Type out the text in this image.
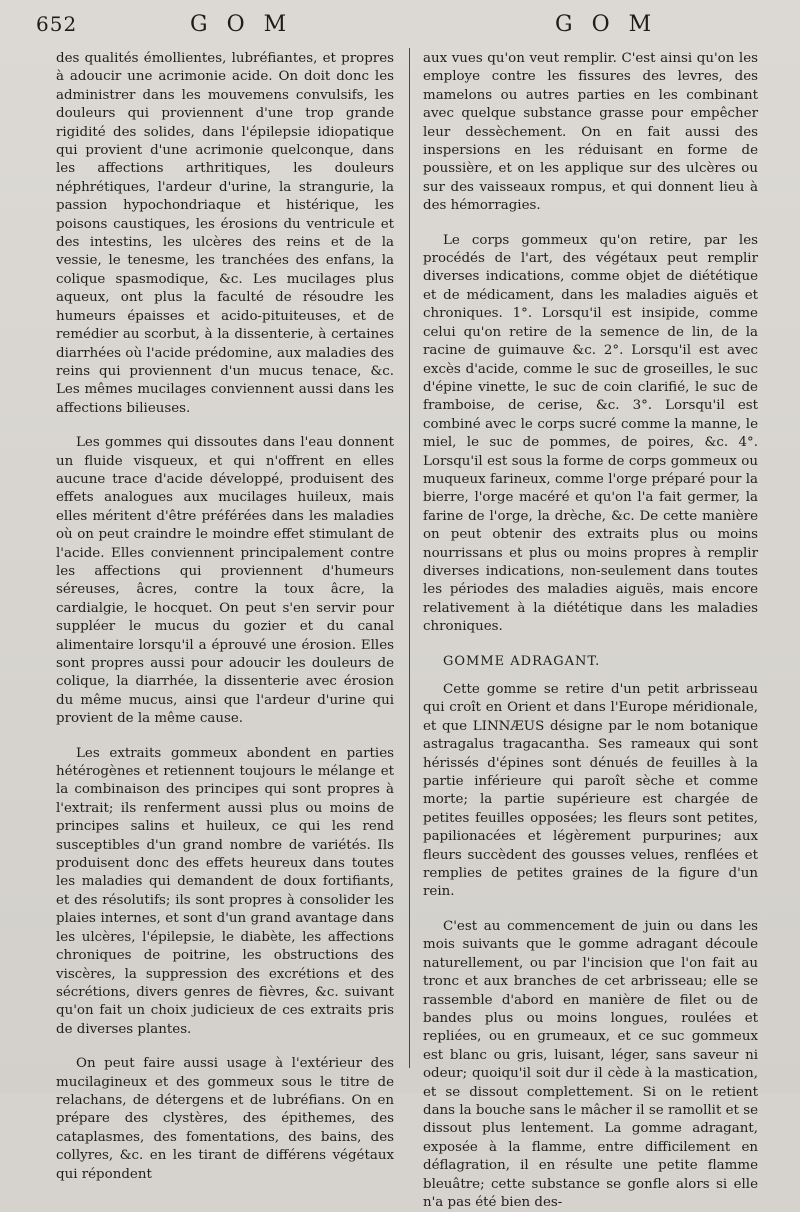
652	G O M	G O M

des qualités émollientes, lubréfiantes, et propres à adoucir une acrimonie acide. On doit donc les administrer dans les mouvemens convulsifs, les douleurs qui proviennent d'une trop grande rigidité des solides, dans l'épilepsie idiopatique qui provient d'une acrimonie quelconque, dans les affections arthritiques, les douleurs néphrétiques, l'ardeur d'urine, la strangurie, la passion hypochondriaque et histérique, les poisons caustiques, les érosions du ventricule et des intestins, les ulcères des reins et de la vessie, le tenesme, les tranchées des enfans, la colique spasmodique, &c. Les mucilages plus aqueux, ont plus la faculté de résoudre les humeurs épaisses et acido-pituiteuses, et de remédier au scorbut, à la dissenterie, à certaines diarrhées où l'acide prédomine, aux maladies des reins qui proviennent d'un mucus tenace, &c. Les mêmes mucilages conviennent aussi dans les affections bilieuses.

Les gommes qui dissoutes dans l'eau donnent un fluide visqueux, et qui n'offrent en elles aucune trace d'acide développé, produisent des effets analogues aux mucilages huileux, mais elles méritent d'être préférées dans les maladies où on peut craindre le moindre effet stimulant de l'acide. Elles conviennent principalement contre les affections qui proviennent d'humeurs séreuses, âcres, contre la toux âcre, la cardialgie, le hocquet. On peut s'en servir pour suppléer le mucus du gozier et du canal alimentaire lorsqu'il a éprouvé une érosion. Elles sont propres aussi pour adoucir les douleurs de colique, la diarrhée, la dissenterie avec érosion du même mucus, ainsi que l'ardeur d'urine qui provient de la même cause.

Les extraits gommeux abondent en parties hétérogènes et retiennent toujours le mélange et la combinaison des principes qui sont propres à l'extrait; ils renferment aussi plus ou moins de principes salins et huileux, ce qui les rend susceptibles d'un grand nombre de variétés. Ils produisent donc des effets heureux dans toutes les maladies qui demandent de doux fortifiants, et des résolutifs; ils sont propres à consolider les plaies internes, et sont d'un grand avantage dans les ulcères, l'épilepsie, le diabète, les affections chroniques de poitrine, les obstructions des viscères, la suppression des excrétions et des sécrétions, divers genres de fièvres, &c. suivant qu'on fait un choix judicieux de ces extraits pris de diverses plantes.

On peut faire aussi usage à l'extérieur des mucilagineux et des gommeux sous le titre de relachans, de détergens et de lubréfians. On en prépare des clystères, des épithemes, des cataplasmes, des fomentations, des bains, des collyres, &c. en les tirant de différens végétaux qui répondent

aux vues qu'on veut remplir. C'est ainsi qu'on les employe contre les fissures des levres, des mamelons ou autres parties en les combinant avec quelque substance grasse pour empêcher leur dessèchement. On en fait aussi des inspersions en les réduisant en forme de poussière, et on les applique sur des ulcères ou sur des vaisseaux rompus, et qui donnent lieu à des hémorragies.

Le corps gommeux qu'on retire, par les procédés de l'art, des végétaux peut remplir diverses indications, comme objet de diététique et de médicament, dans les maladies aiguës et chroniques. 1°. Lorsqu'il est insipide, comme celui qu'on retire de la semence de lin, de la racine de guimauve &c. 2°. Lorsqu'il est avec excès d'acide, comme le suc de groseilles, le suc d'épine vinette, le suc de coin clarifié, le suc de framboise, de cerise, &c. 3°. Lorsqu'il est combiné avec le corps sucré comme la manne, le miel, le suc de pommes, de poires, &c. 4°. Lorsqu'il est sous la forme de corps gommeux ou muqueux farineux, comme l'orge préparé pour la bierre, l'orge macéré et qu'on l'a fait germer, la farine de l'orge, la drèche, &c. De cette manière on peut obtenir des extraits plus ou moins nourrissans et plus ou moins propres à remplir diverses indications, non-seulement dans toutes les périodes des maladies aiguës, mais encore relativement à la diététique dans les maladies chroniques.

GOMME ADRAGANT.

Cette gomme se retire d'un petit arbrisseau qui croît en Orient et dans l'Europe méridionale, et que LINNÆUS désigne par le nom botanique astragalus tragacantha. Ses rameaux qui sont hérissés d'épines sont dénués de feuilles à la partie inférieure qui paroît sèche et comme morte; la partie supérieure est chargée de petites feuilles opposées; les fleurs sont petites, papilionacées et légèrement purpurines; aux fleurs succèdent des gousses velues, renflées et remplies de petites graines de la figure d'un rein.

C'est au commencement de juin ou dans les mois suivants que le gomme adragant découle naturellement, ou par l'incision que l'on fait au tronc et aux branches de cet arbrisseau; elle se rassemble d'abord en manière de filet ou de bandes plus ou moins longues, roulées et repliées, ou en grumeaux, et ce suc gommeux est blanc ou gris, luisant, léger, sans saveur ni odeur; quoiqu'il soit dur il cède à la mastication, et se dissout complettement. Si on le retient dans la bouche sans le mâcher il se ramollit et se dissout plus lentement. La gomme adragant, exposée à la flamme, entre difficilement en déflagration, il en résulte une petite flamme bleuâtre; cette substance se gonfle alors si elle n'a pas été bien des-
